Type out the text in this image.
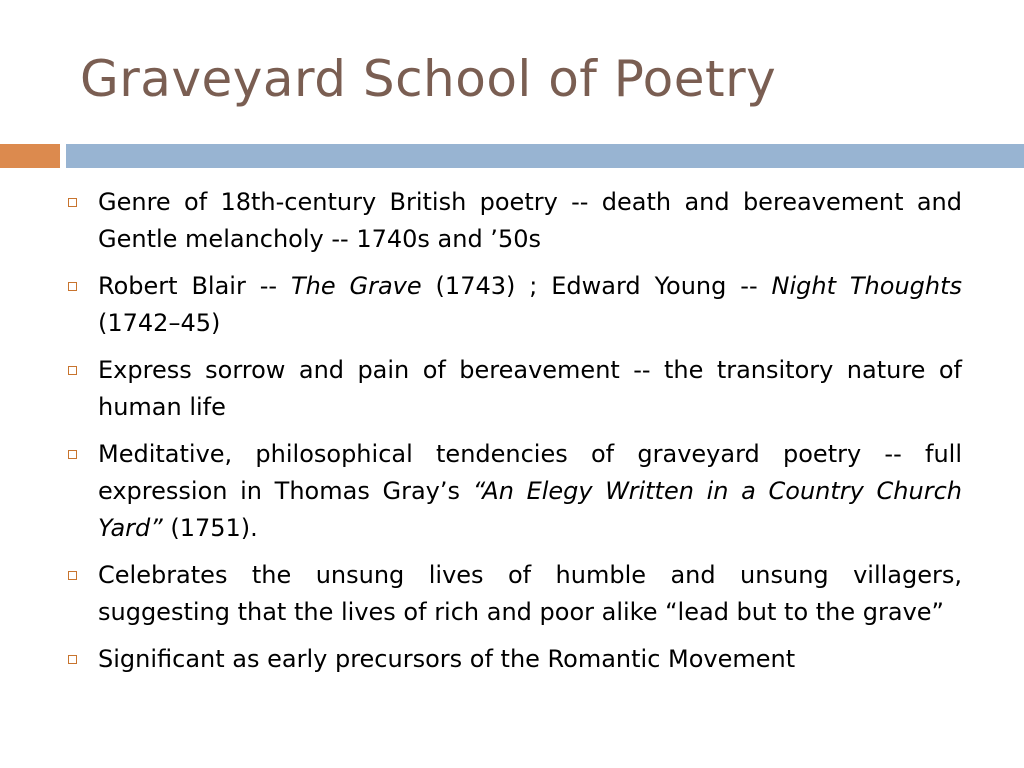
Graveyard School of Poetry
Genre of 18th-century British poetry -- death and bereavement and Gentle melancholy -- 1740s and ’50s
Robert Blair -- The Grave (1743) ; Edward Young -- Night Thoughts (1742–45)
Express sorrow and pain of bereavement -- the transitory nature of human life
Meditative, philosophical tendencies of graveyard poetry -- full expression in Thomas Gray’s “An Elegy Written in a Country Church Yard” (1751).
Celebrates the unsung lives of humble and unsung villagers, suggesting that the lives of rich and poor alike “lead but to the grave”
Significant as early precursors of the Romantic Movement
